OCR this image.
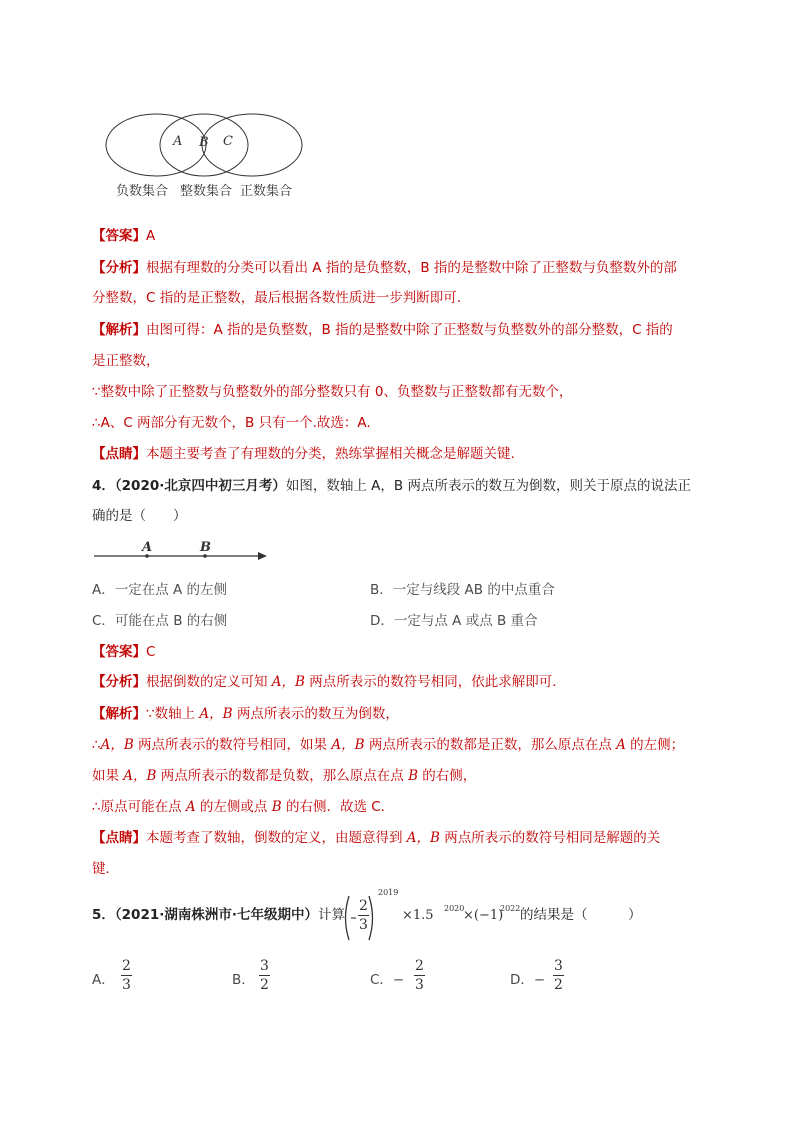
A B C
负数集合 整数集合 正数集合
【答案】A
【分析】根据有理数的分类可以看出 A 指的是负整数，B 指的是整数中除了正整数与负整数外的部
分整数，C 指的是正整数，最后根据各数性质进一步判断即可.
【解析】由图可得：A 指的是负整数，B 指的是整数中除了正整数与负整数外的部分整数，C 指的
是正整数，
∵整数中除了正整数与负整数外的部分整数只有 0、负整数与正整数都有无数个，
∴A、C 两部分有无数个，B 只有一个.故选：A.
【点睛】本题主要考查了有理数的分类，熟练掌握相关概念是解题关键.
4．（2020·北京四中初三月考）如图，数轴上 A，B 两点所表示的数互为倒数，则关于原点的说法正
确的是（　　）
A	B
A．一定在点 A 的左侧	B．一定与线段 AB 的中点重合
C．可能在点 B 的右侧	D．一定与点 A 或点 B 重合
【答案】C
【分析】根据倒数的定义可知 A，B 两点所表示的数符号相同，依此求解即可．
【解析】∵数轴上 A，B 两点所表示的数互为倒数，
∴A，B 两点所表示的数符号相同，如果 A，B 两点所表示的数都是正数，那么原点在点 A 的左侧；
如果 A，B 两点所表示的数都是负数，那么原点在点 B 的右侧，
∴原点可能在点 A 的左侧或点 B 的右侧．故选 C．
【点睛】本题考查了数轴，倒数的定义，由题意得到 A，B 两点所表示的数符号相同是解题的关
键．
5．（2021·湖南株洲市·七年级期中）计算
2
3
2019
×1.5 2020
×(−1)
2022 的结果是（　　　）
A．
2
3	B．
3
2	C．−
2
3	D．−
3
2
